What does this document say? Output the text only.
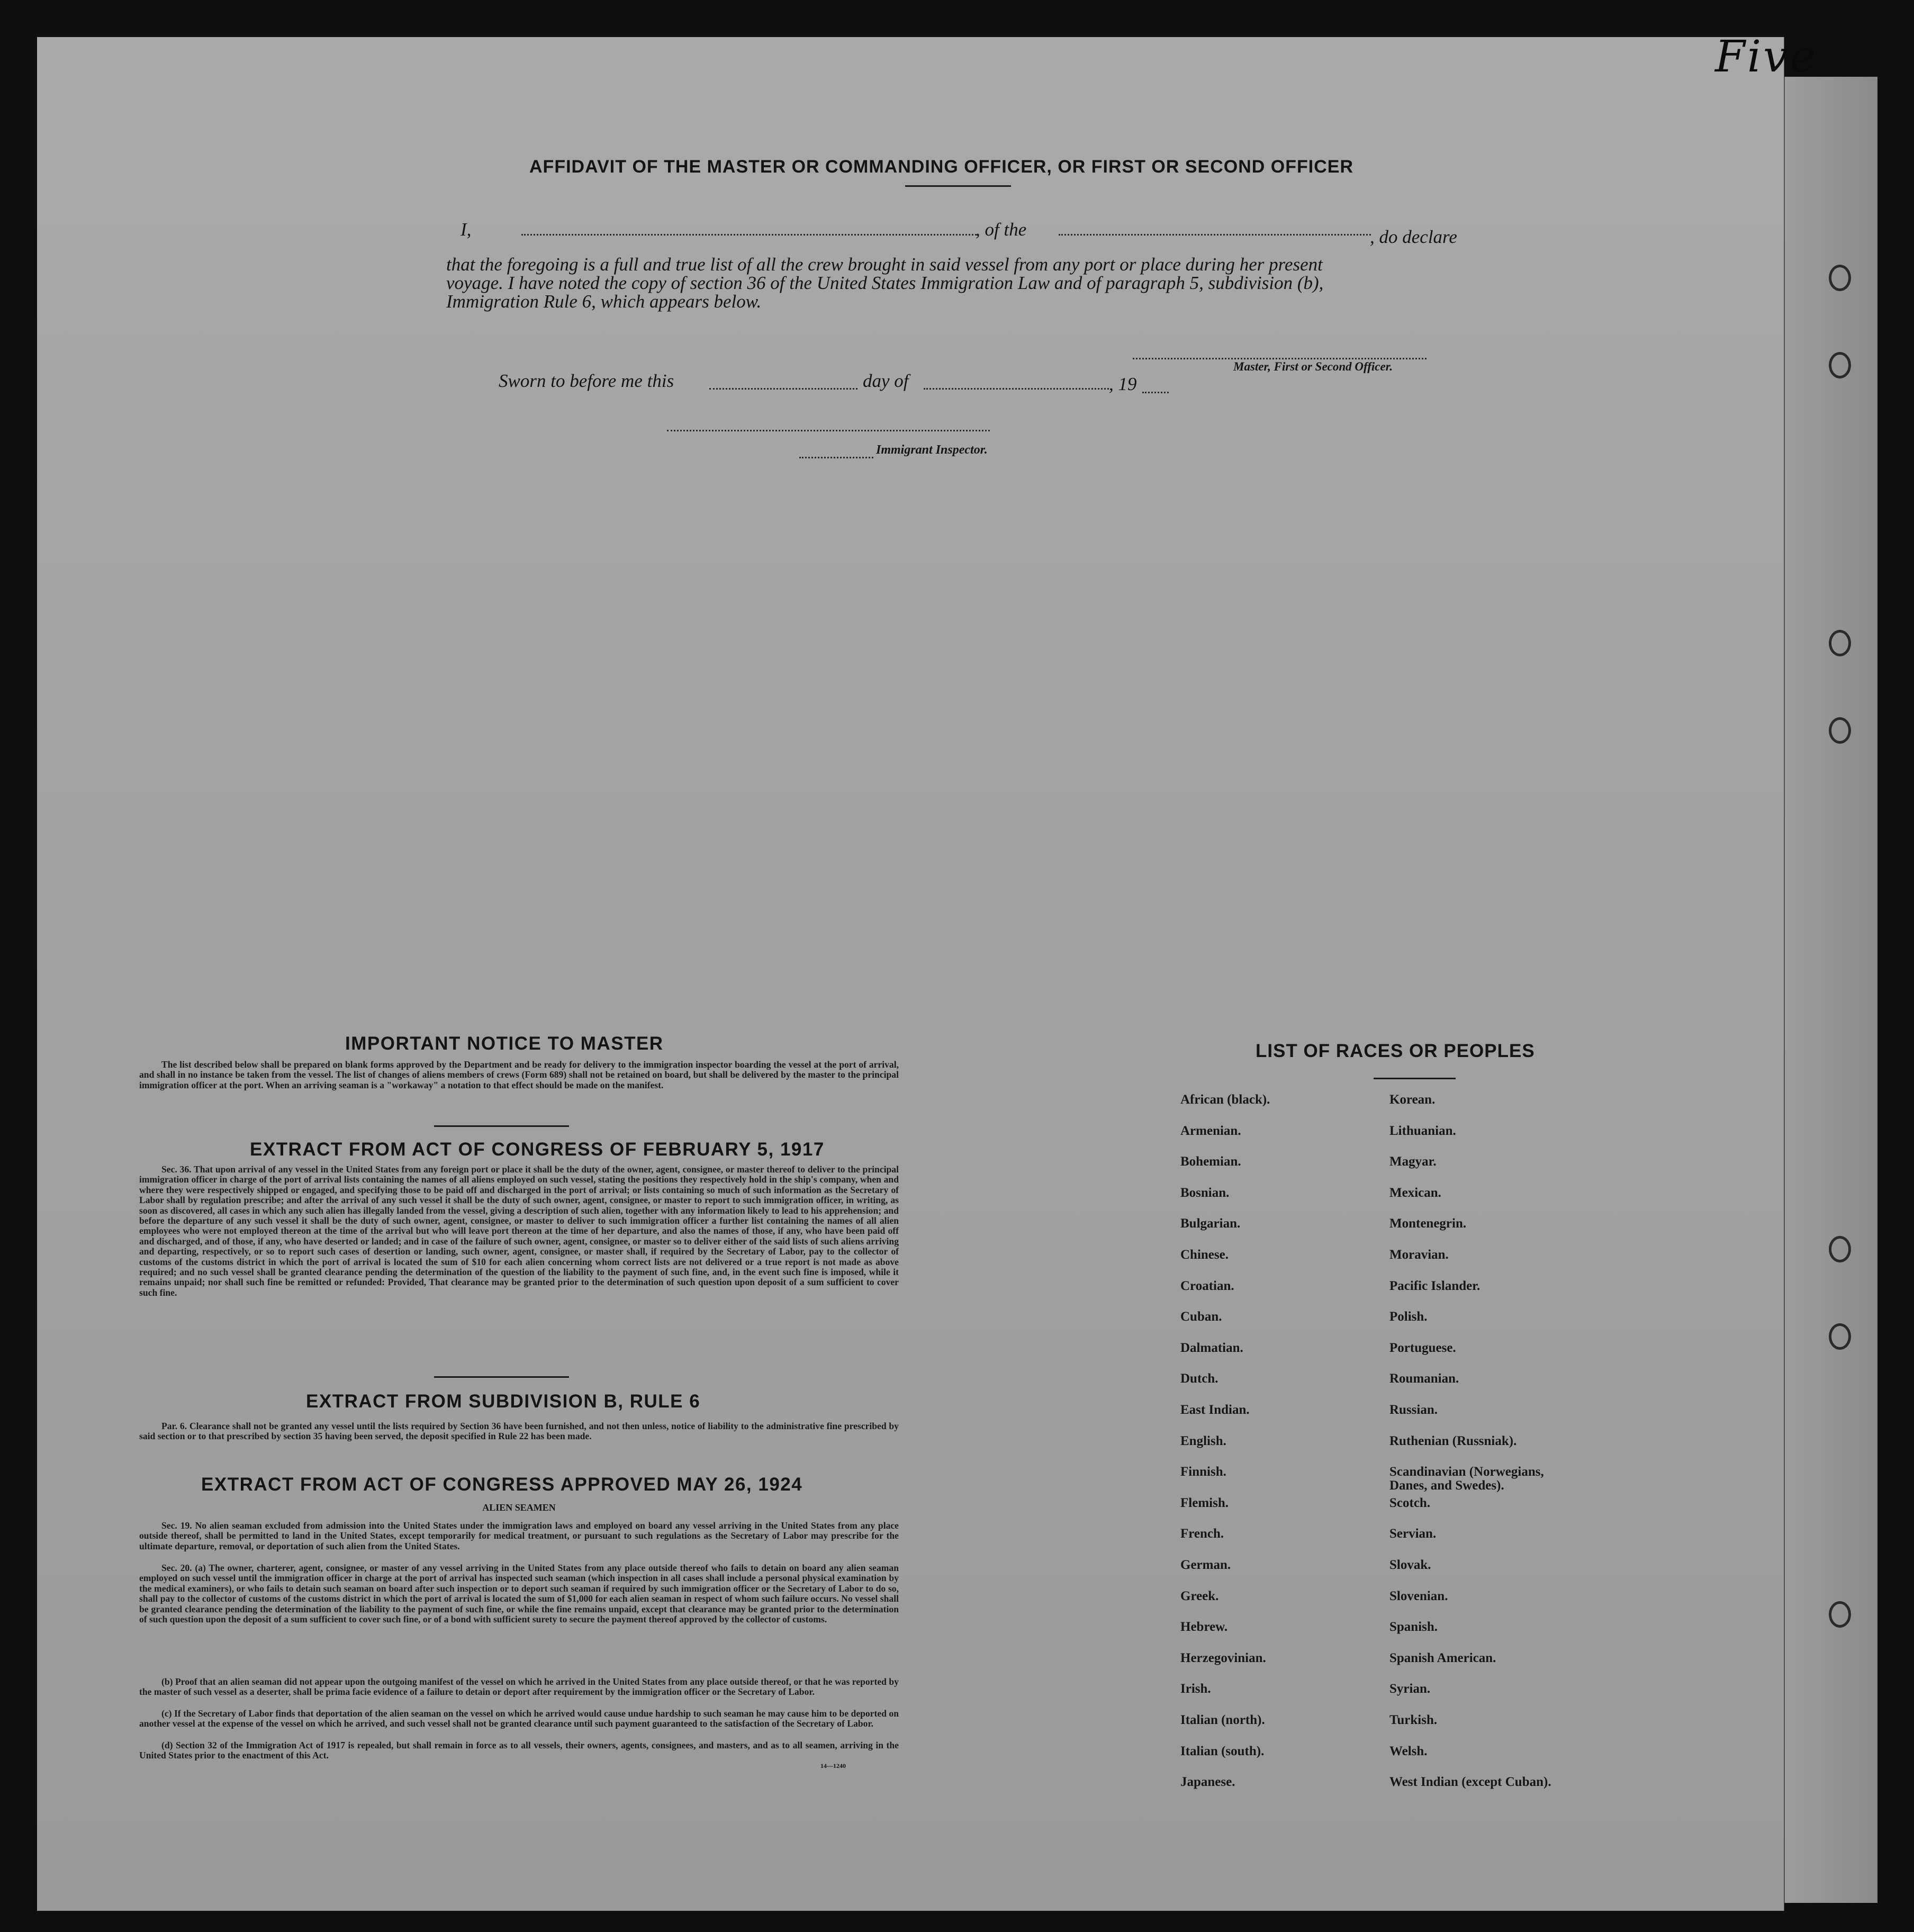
Five
AFFIDAVIT OF THE MASTER OR COMMANDING OFFICER, OR FIRST OR SECOND OFFICER
I,	, of the	, do declare
that the foregoing is a full and true list of all the crew brought in said vessel from any port or place during her present
voyage. I have noted the copy of section 36 of the United States Immigration Law and of paragraph 5, subdivision (b),
Immigration Rule 6, which appears below.
Master, First or Second Officer.
Sworn to before me this	day of	, 19
Immigrant Inspector.
IMPORTANT NOTICE TO MASTER
The list described below shall be prepared on blank forms approved by the Department and be ready for delivery to the immigration inspector boarding the vessel at the port of arrival, and shall in no instance be taken from the vessel. The list of changes of aliens members of crews (Form 689) shall not be retained on board, but shall be delivered by the master to the principal immigration officer at the port. When an arriving seaman is a "workaway" a notation to that effect should be made on the manifest.
EXTRACT FROM ACT OF CONGRESS OF FEBRUARY 5, 1917
Sec. 36. That upon arrival of any vessel in the United States from any foreign port or place it shall be the duty of the owner, agent, consignee, or master thereof to deliver to the principal immigration officer in charge of the port of arrival lists containing the names of all aliens employed on such vessel, stating the positions they respectively hold in the ship's company, when and where they were respectively shipped or engaged, and specifying those to be paid off and discharged in the port of arrival; or lists containing so much of such information as the Secretary of Labor shall by regulation prescribe; and after the arrival of any such vessel it shall be the duty of such owner, agent, consignee, or master to report to such immigration officer, in writing, as soon as discovered, all cases in which any such alien has illegally landed from the vessel, giving a description of such alien, together with any information likely to lead to his apprehension; and before the departure of any such vessel it shall be the duty of such owner, agent, consignee, or master to deliver to such immigration officer a further list containing the names of all alien employees who were not employed thereon at the time of the arrival but who will leave port thereon at the time of her departure, and also the names of those, if any, who have been paid off and discharged, and of those, if any, who have deserted or landed; and in case of the failure of such owner, agent, consignee, or master so to deliver either of the said lists of such aliens arriving and departing, respectively, or so to report such cases of desertion or landing, such owner, agent, consignee, or master shall, if required by the Secretary of Labor, pay to the collector of customs of the customs district in which the port of arrival is located the sum of $10 for each alien concerning whom correct lists are not delivered or a true report is not made as above required; and no such vessel shall be granted clearance pending the determination of the question of the liability to the payment of such fine, and, in the event such fine is imposed, while it remains unpaid; nor shall such fine be remitted or refunded: Provided, That clearance may be granted prior to the determination of such question upon deposit of a sum sufficient to cover such fine.
EXTRACT FROM SUBDIVISION B, RULE 6
Par. 6. Clearance shall not be granted any vessel until the lists required by Section 36 have been furnished, and not then unless, notice of liability to the administrative fine prescribed by said section or to that prescribed by section 35 having been served, the deposit specified in Rule 22 has been made.
EXTRACT FROM ACT OF CONGRESS APPROVED MAY 26, 1924
ALIEN SEAMEN
Sec. 19. No alien seaman excluded from admission into the United States under the immigration laws and employed on board any vessel arriving in the United States from any place outside thereof, shall be permitted to land in the United States, except temporarily for medical treatment, or pursuant to such regulations as the Secretary of Labor may prescribe for the ultimate departure, removal, or deportation of such alien from the United States.
Sec. 20. (a) The owner, charterer, agent, consignee, or master of any vessel arriving in the United States from any place outside thereof who fails to detain on board any alien seaman employed on such vessel until the immigration officer in charge at the port of arrival has inspected such seaman (which inspection in all cases shall include a personal physical examination by the medical examiners), or who fails to detain such seaman on board after such inspection or to deport such seaman if required by such immigration officer or the Secretary of Labor to do so, shall pay to the collector of customs of the customs district in which the port of arrival is located the sum of $1,000 for each alien seaman in respect of whom such failure occurs. No vessel shall be granted clearance pending the determination of the liability to the payment of such fine, or while the fine remains unpaid, except that clearance may be granted prior to the determination of such question upon the deposit of a sum sufficient to cover such fine, or of a bond with sufficient surety to secure the payment thereof approved by the collector of customs.
(b) Proof that an alien seaman did not appear upon the outgoing manifest of the vessel on which he arrived in the United States from any place outside thereof, or that he was reported by the master of such vessel as a deserter, shall be prima facie evidence of a failure to detain or deport after requirement by the immigration officer or the Secretary of Labor.
(c) If the Secretary of Labor finds that deportation of the alien seaman on the vessel on which he arrived would cause undue hardship to such seaman he may cause him to be deported on another vessel at the expense of the vessel on which he arrived, and such vessel shall not be granted clearance until such payment guaranteed to the satisfaction of the Secretary of Labor.
(d) Section 32 of the Immigration Act of 1917 is repealed, but shall remain in force as to all vessels, their owners, agents, consignees, and masters, and as to all seamen, arriving in the United States prior to the enactment of this Act.
14—1240
LIST OF RACES OR PEOPLES
African (black).
Armenian.
Bohemian.
Bosnian.
Bulgarian.
Chinese.
Croatian.
Cuban.
Dalmatian.
Dutch.
East Indian.
English.
Finnish.
Flemish.
French.
German.
Greek.
Hebrew.
Herzegovinian.
Irish.
Italian (north).
Italian (south).
Japanese.
Korean.
Lithuanian.
Magyar.
Mexican.
Montenegrin.
Moravian.
Pacific Islander.
Polish.
Portuguese.
Roumanian.
Russian.
Ruthenian (Russniak).
Scandinavian (Norwegians, Danes, and Swedes).
Scotch.
Servian.
Slovak.
Slovenian.
Spanish.
Spanish American.
Syrian.
Turkish.
Welsh.
West Indian (except Cuban).
